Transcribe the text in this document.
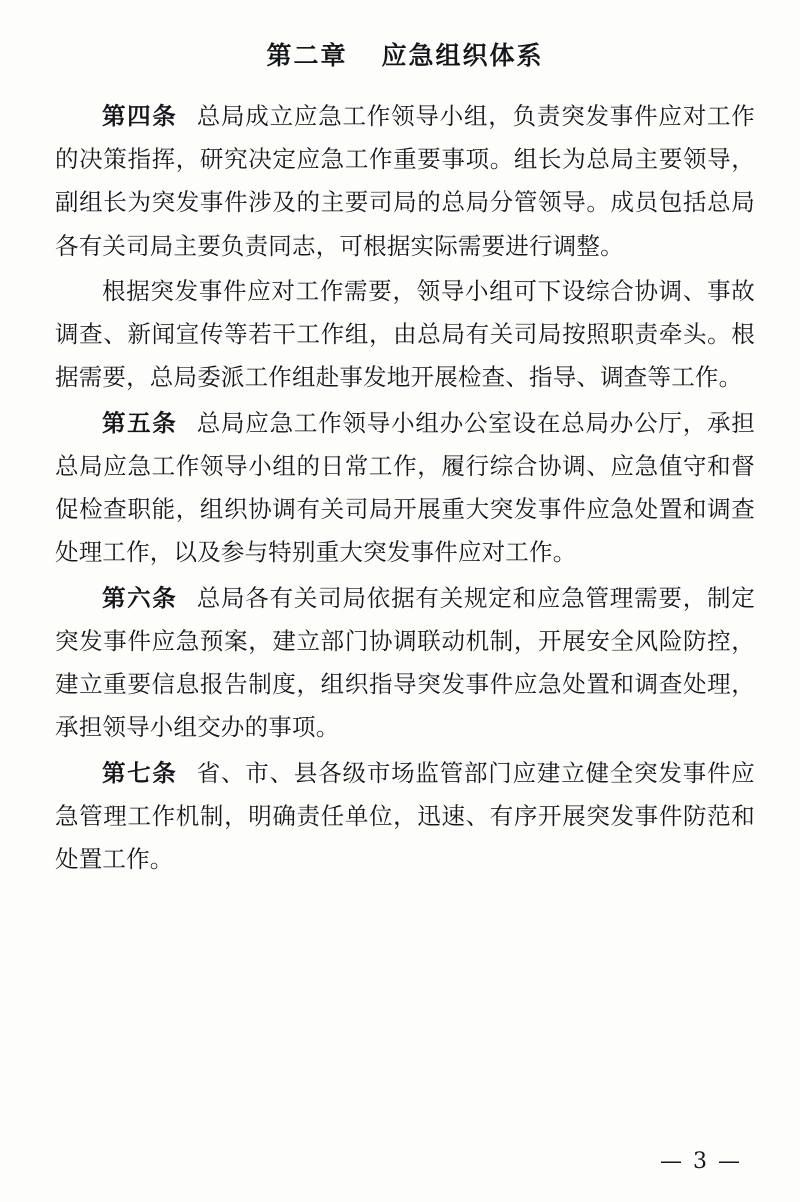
第二章 应急组织体系

第四条 总局成立应急工作领导小组，负责突发事件应对工作的决策指挥，研究决定应急工作重要事项。组长为总局主要领导，副组长为突发事件涉及的主要司局的总局分管领导。成员包括总局各有关司局主要负责同志，可根据实际需要进行调整。

根据突发事件应对工作需要，领导小组可下设综合协调、事故调查、新闻宣传等若干工作组，由总局有关司局按照职责牵头。根据需要，总局委派工作组赴事发地开展检查、指导、调查等工作。

第五条 总局应急工作领导小组办公室设在总局办公厅，承担总局应急工作领导小组的日常工作，履行综合协调、应急值守和督促检查职能，组织协调有关司局开展重大突发事件应急处置和调查处理工作，以及参与特别重大突发事件应对工作。

第六条 总局各有关司局依据有关规定和应急管理需要，制定突发事件应急预案，建立部门协调联动机制，开展安全风险防控，建立重要信息报告制度，组织指导突发事件应急处置和调查处理，承担领导小组交办的事项。

第七条 省、市、县各级市场监管部门应建立健全突发事件应急管理工作机制，明确责任单位，迅速、有序开展突发事件防范和处置工作。

— 3 —
